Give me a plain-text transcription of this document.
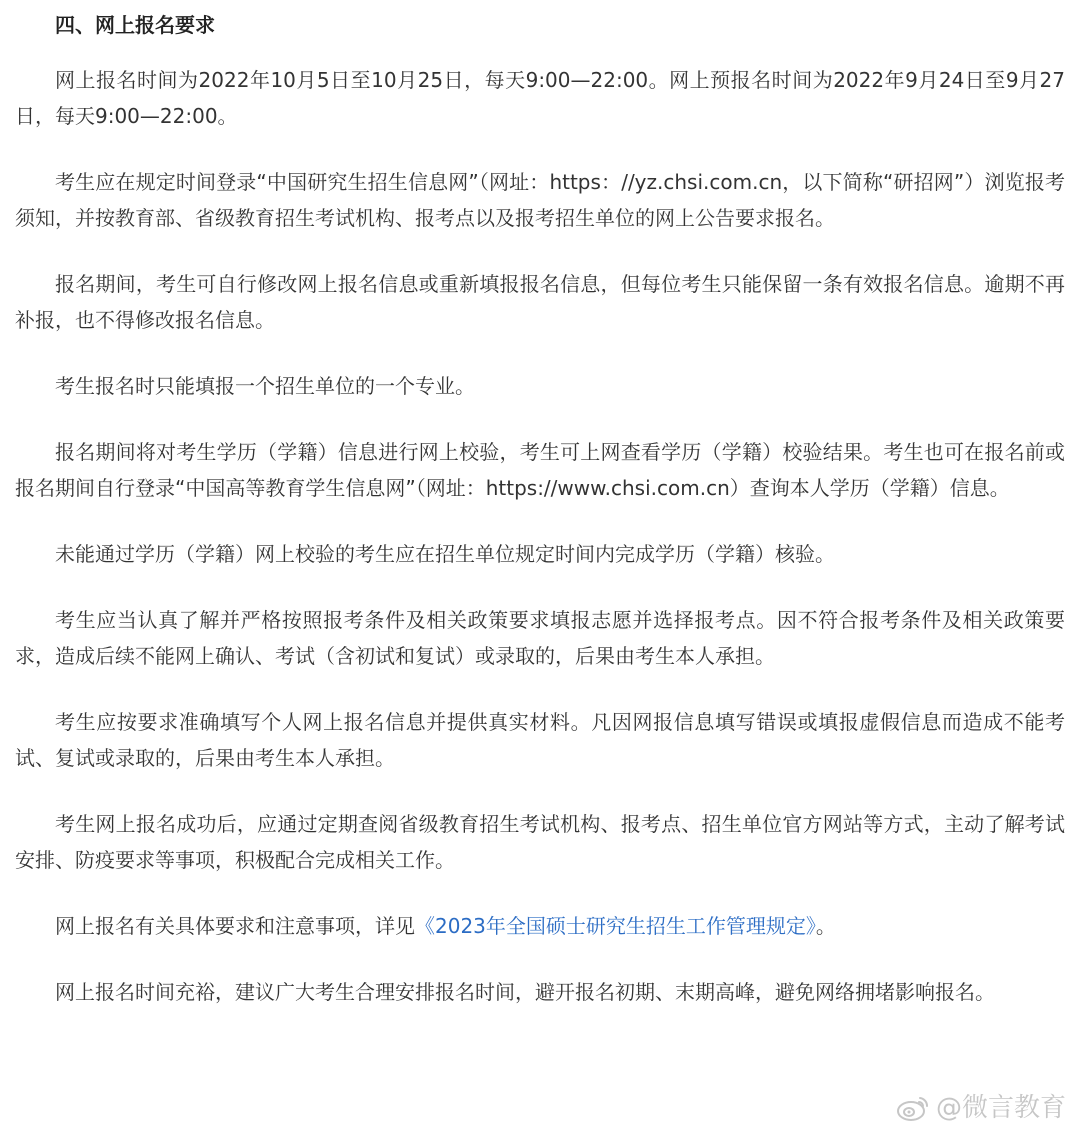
四、网上报名要求

网上报名时间为2022年10月5日至10月25日，每天9:00—22:00。网上预报名时间为2022年9月24日至9月27日，每天9:00—22:00。

考生应在规定时间登录“中国研究生招生信息网”（网址：https：//yz.chsi.com.cn，以下简称“研招网”）浏览报考须知，并按教育部、省级教育招生考试机构、报考点以及报考招生单位的网上公告要求报名。

报名期间，考生可自行修改网上报名信息或重新填报报名信息，但每位考生只能保留一条有效报名信息。逾期不再补报，也不得修改报名信息。

考生报名时只能填报一个招生单位的一个专业。

报名期间将对考生学历（学籍）信息进行网上校验，考生可上网查看学历（学籍）校验结果。考生也可在报名前或报名期间自行登录“中国高等教育学生信息网”（网址：https://www.chsi.com.cn）查询本人学历（学籍）信息。

未能通过学历（学籍）网上校验的考生应在招生单位规定时间内完成学历（学籍）核验。

考生应当认真了解并严格按照报考条件及相关政策要求填报志愿并选择报考点。因不符合报考条件及相关政策要求，造成后续不能网上确认、考试（含初试和复试）或录取的，后果由考生本人承担。

考生应按要求准确填写个人网上报名信息并提供真实材料。凡因网报信息填写错误或填报虚假信息而造成不能考试、复试或录取的，后果由考生本人承担。

考生网上报名成功后，应通过定期查阅省级教育招生考试机构、报考点、招生单位官方网站等方式，主动了解考试安排、防疫要求等事项，积极配合完成相关工作。

网上报名有关具体要求和注意事项，详见《2023年全国硕士研究生招生工作管理规定》。

网上报名时间充裕，建议广大考生合理安排报名时间，避开报名初期、末期高峰，避免网络拥堵影响报名。

@微言教育
